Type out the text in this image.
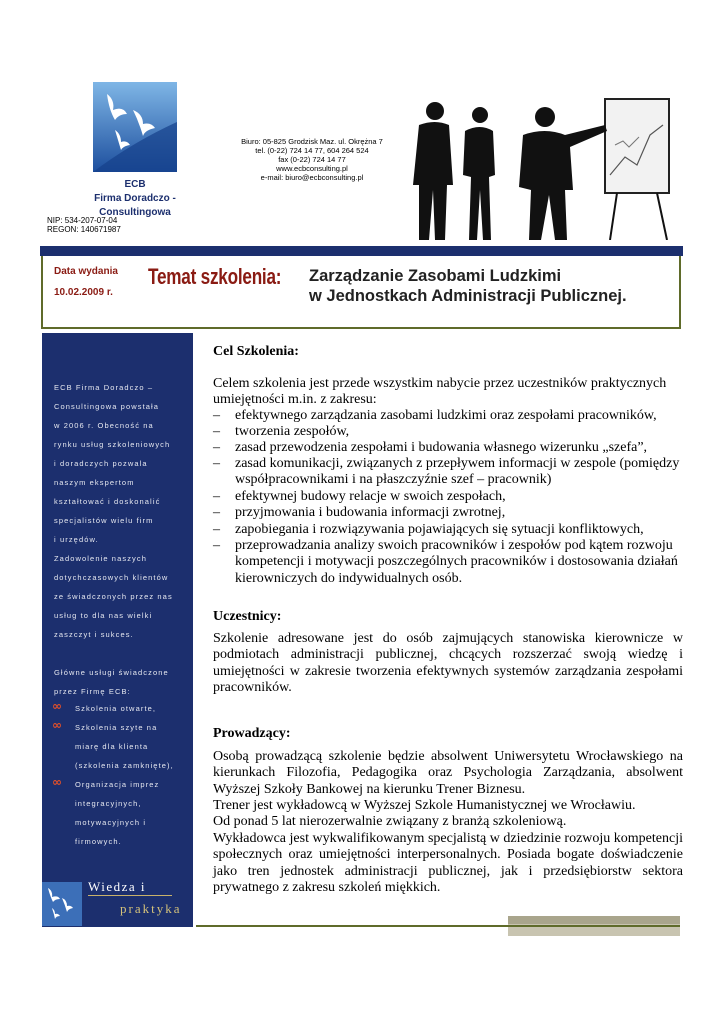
ECB
Firma Doradczo - Consultingowa
NIP: 534-207-07-04
REGON: 140671987
Biuro: 05-825 Grodzisk Maz. ul. Okrężna 7
tel. (0-22) 724 14 77, 604 264 524
fax (0-22) 724 14 77
www.ecbconsulting.pl
e-mail: biuro@ecbconsulting.pl
Data wydania
10.02.2009 r.
Temat szkolenia: Zarządzanie Zasobami Ludzkimi
w Jednostkach Administracji Publicznej.
ECB Firma Doradczo –
Consultingowa powstała
w 2006 r. Obecność na
rynku usług szkoleniowych
i doradczych pozwala
naszym ekspertom
kształtować i doskonalić
specjalistów wielu firm
i urzędów.
Zadowolenie naszych
dotychczasowych klientów
ze świadczonych przez nas
usług to dla nas wielki
zaszczyt i sukces.
Główne usługi świadczone
przez Firmę ECB:
∞ Szkolenia otwarte,
∞ Szkolenia szyte na
miarę dla klienta
(szkolenia zamknięte),
∞ Organizacja imprez
integracyjnych,
motywacyjnych i
firmowych.
Wiedza i
praktyka
Cel Szkolenia:
Celem szkolenia jest przede wszystkim nabycie przez uczestników praktycznych umiejętności m.in. z zakresu:
– efektywnego zarządzania zasobami ludzkimi oraz zespołami pracowników,
– tworzenia zespołów,
– zasad przewodzenia zespołami i budowania własnego wizerunku „szefa”,
– zasad komunikacji, związanych z przepływem informacji w zespole (pomiędzy współpracownikami i na płaszczyźnie szef – pracownik)
– efektywnej budowy relacje w swoich zespołach,
– przyjmowania i budowania informacji zwrotnej,
– zapobiegania i rozwiązywania pojawiających się sytuacji konfliktowych,
– przeprowadzania analizy swoich pracowników i zespołów pod kątem rozwoju kompetencji i motywacji poszczególnych pracowników i dostosowania działań kierowniczych do indywidualnych osób.
Uczestnicy:
Szkolenie adresowane jest do osób zajmujących stanowiska kierownicze w podmiotach administracji publicznej, chcących rozszerzać swoją wiedzę i umiejętności w zakresie tworzenia efektywnych systemów zarządzania zespołami pracowników.
Prowadzący:
Osobą prowadzącą szkolenie będzie absolwent Uniwersytetu Wrocławskiego na kierunkach Filozofia, Pedagogika oraz Psychologia Zarządzania, absolwent Wyższej Szkoły Bankowej na kierunku Trener Biznesu.
Trener jest wykładowcą w Wyższej Szkole Humanistycznej we Wrocławiu.
Od ponad 5 lat nierozerwalnie związany z branżą szkoleniową.
Wykładowca jest wykwalifikowanym specjalistą w dziedzinie rozwoju kompetencji społecznych oraz umiejętności interpersonalnych. Posiada bogate doświadczenie jako tren jednostek administracji publicznej, jak i przedsiębiorstw sektora prywatnego z zakresu szkoleń miękkich.
